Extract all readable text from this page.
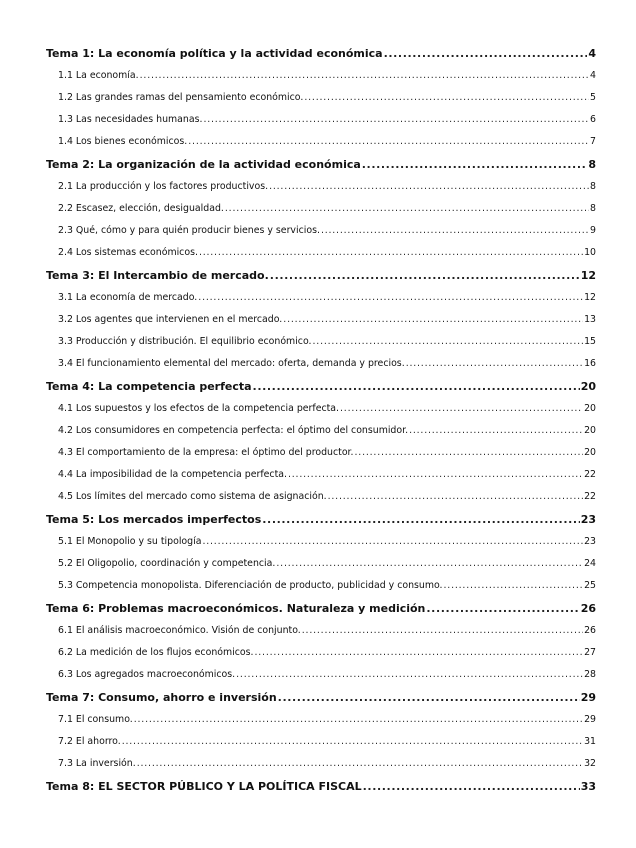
Tema 1: La economía política y la actividad económica .....	4
1.1 La economía. .....	4
1.2 Las grandes ramas del pensamiento económico. .....	5
1.3 Las necesidades humanas. .....	6
1.4 Los bienes económicos. .....	7
Tema 2: La organización de la actividad económica .....	8
2.1 La producción y los factores productivos. .....	8
2.2 Escasez, elección, desigualdad. .....	8
2.3 Qué, cómo y para quién producir bienes y servicios. .....	9
2.4 Los sistemas económicos. .....	10
Tema 3: El Intercambio de mercado. .....	12
3.1 La economía de mercado. .....	12
3.2 Los agentes que intervienen en el mercado. .....	13
3.3 Producción y distribución. El equilibrio económico. .....	15
3.4 El funcionamiento elemental del mercado: oferta, demanda y precios. .....	16
Tema 4: La competencia perfecta .....	20
4.1 Los supuestos y los efectos de la competencia perfecta. .....	20
4.2 Los consumidores en competencia perfecta: el óptimo del consumidor. .....	20
4.3 El comportamiento de la empresa: el óptimo del productor. .....	20
4.4 La imposibilidad de la competencia perfecta. .....	22
4.5 Los límites del mercado como sistema de asignación. .....	22
Tema 5: Los mercados imperfectos .....	23
5.1 El Monopolio y su tipología .....	23
5.2 El Oligopolio, coordinación y competencia. .....	24
5.3 Competencia monopolista. Diferenciación de producto, publicidad y consumo. .....	25
Tema 6: Problemas macroeconómicos. Naturaleza y medición .....	26
6.1 El análisis macroeconómico. Visión de conjunto. .....	26
6.2 La medición de los flujos económicos. .....	27
6.3 Los agregados macroeconómicos. .....	28
Tema 7: Consumo, ahorro e inversión .....	29
7.1 El consumo. .....	29
7.2 El ahorro. .....	31
7.3 La inversión. .....	32
Tema 8: EL SECTOR PÚBLICO Y LA POLÍTICA FISCAL .....	33
